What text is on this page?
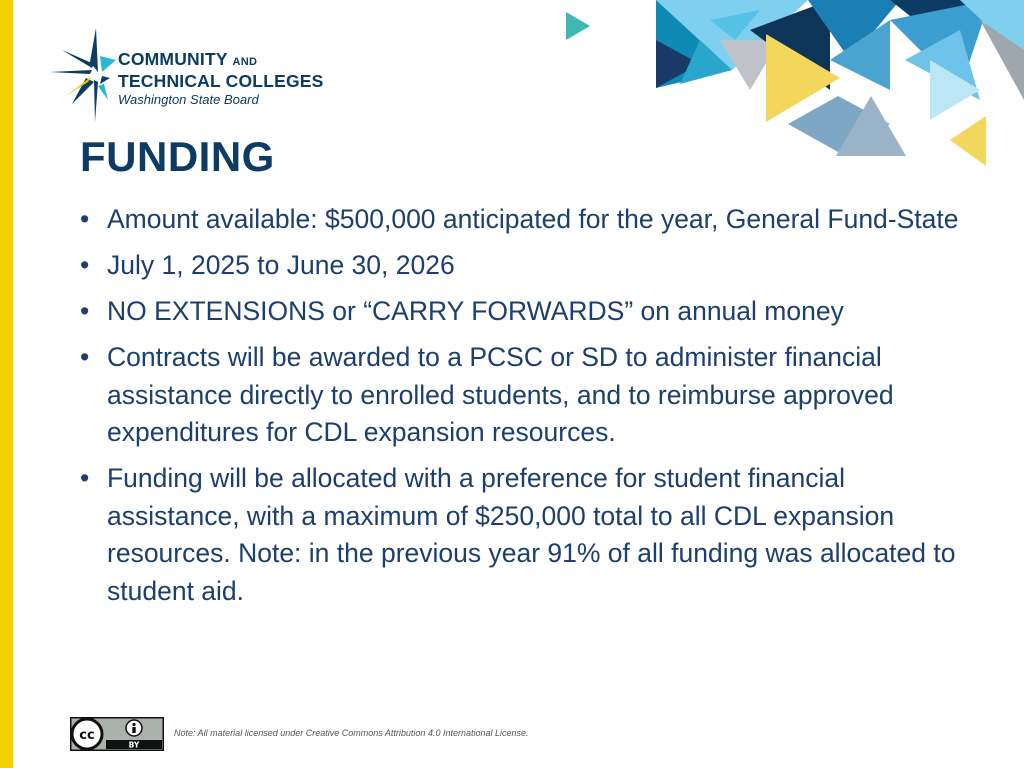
COMMUNITY AND
TECHNICAL COLLEGES
Washington State Board
FUNDING
• Amount available: $500,000 anticipated for the year, General Fund-State
• July 1, 2025 to June 30, 2026
• NO EXTENSIONS or “CARRY FORWARDS” on annual money
• Contracts will be awarded to a PCSC or SD to administer financial assistance directly to enrolled students, and to reimburse approved expenditures for CDL expansion resources.
• Funding will be allocated with a preference for student financial assistance, with a maximum of $250,000 total to all CDL expansion resources. Note: in the previous year 91% of all funding was allocated to student aid.
cc
BY
Note: All material licensed under Creative Commons Attribution 4.0 International License.
